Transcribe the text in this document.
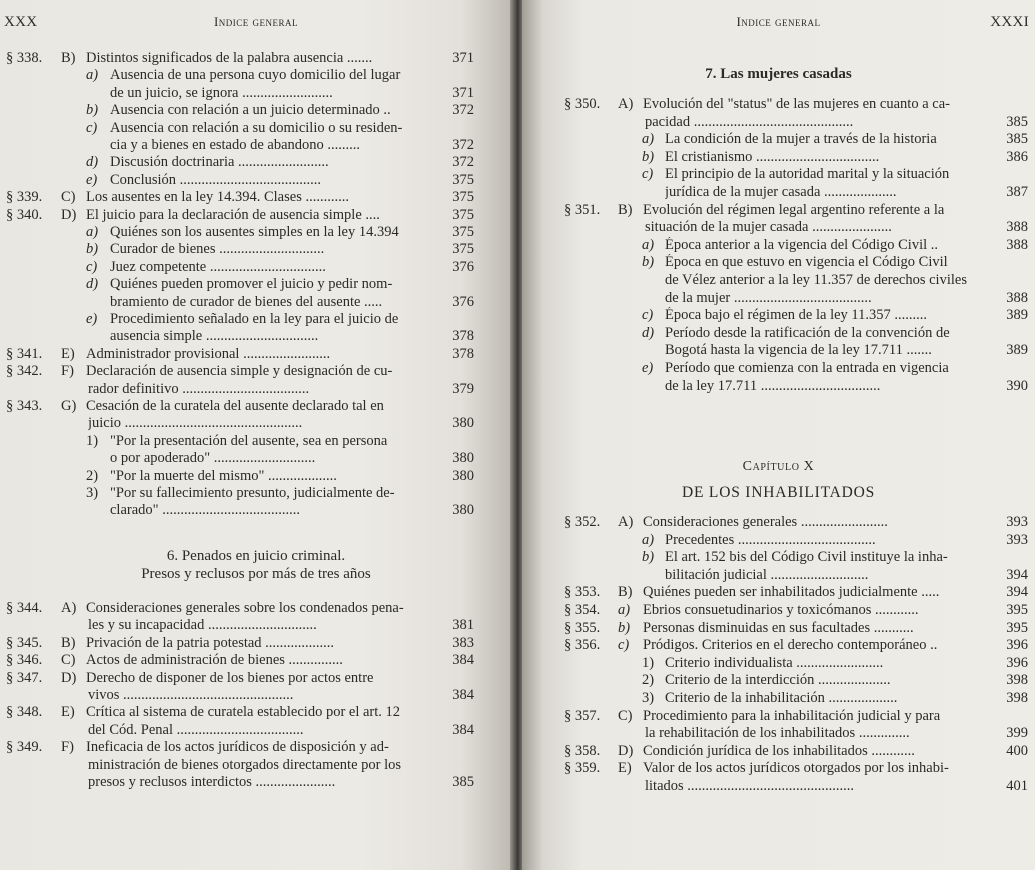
XXX	Indice general
§ 338. B) Distintos significados de la palabra ausencia .......	371
a) Ausencia de una persona cuyo domicilio del lugar
de un juicio, se ignora .........................	371
b) Ausencia con relación a un juicio determinado ..	372
c) Ausencia con relación a su domicilio o su residen-
cia y a bienes en estado de abandono .........	372
d) Discusión doctrinaria .........................	372
e) Conclusión .......................................	375
§ 339. C) Los ausentes en la ley 14.394. Clases ............	375
§ 340. D) El juicio para la declaración de ausencia simple ....	375
a) Quiénes son los ausentes simples en la ley 14.394	375
b) Curador de bienes .............................	375
c) Juez competente ................................	376
d) Quiénes pueden promover el juicio y pedir nom-
bramiento de curador de bienes del ausente .....	376
e) Procedimiento señalado en la ley para el juicio de
ausencia simple ...............................	378
§ 341. E) Administrador provisional ........................	378
§ 342. F) Declaración de ausencia simple y designación de cu-
rador definitivo ...................................	379
§ 343. G) Cesación de la curatela del ausente declarado tal en
juicio .................................................	380
1) "Por la presentación del ausente, sea en persona
o por apoderado" ............................	380
2) "Por la muerte del mismo" ...................	380
3) "Por su fallecimiento presunto, judicialmente de-
clarado" ......................................	380
6. Penados en juicio criminal.
Presos y reclusos por más de tres años
§ 344. A) Consideraciones generales sobre los condenados pena-
les y su incapacidad ..............................	381
§ 345. B) Privación de la patria potestad ...................	383
§ 346. C) Actos de administración de bienes ...............	384
§ 347. D) Derecho de disponer de los bienes por actos entre
vivos ...............................................	384
§ 348. E) Crítica al sistema de curatela establecido por el art. 12
del Cód. Penal ...................................	384
§ 349. F) Ineficacia de los actos jurídicos de disposición y ad-
ministración de bienes otorgados directamente por los
presos y reclusos interdictos ......................	385
Indice general	XXXI
7. Las mujeres casadas
§ 350. A) Evolución del "status" de las mujeres en cuanto a ca-
pacidad ............................................	385
a) La condición de la mujer a través de la historia	385
b) El cristianismo ..................................	386
c) El principio de la autoridad marital y la situación
jurídica de la mujer casada ....................	387
§ 351. B) Evolución del régimen legal argentino referente a la
situación de la mujer casada ......................	388
a) Época anterior a la vigencia del Código Civil ..	388
b) Época en que estuvo en vigencia el Código Civil
de Vélez anterior a la ley 11.357 de derechos civiles
de la mujer ......................................	388
c) Época bajo el régimen de la ley 11.357 .........	389
d) Período desde la ratificación de la convención de
Bogotá hasta la vigencia de la ley 17.711 .......	389
e) Período que comienza con la entrada en vigencia
de la ley 17.711 .................................	390
Capítulo X
DE LOS INHABILITADOS
§ 352. A) Consideraciones generales ........................	393
a) Precedentes ......................................	393
b) El art. 152 bis del Código Civil instituye la inha-
bilitación judicial ...........................	394
§ 353. B) Quiénes pueden ser inhabilitados judicialmente .....	394
§ 354. a) Ebrios consuetudinarios y toxicómanos ............	395
§ 355. b) Personas disminuidas en sus facultades ...........	395
§ 356. c) Pródigos. Criterios en el derecho contemporáneo ..	396
1) Criterio individualista ........................	396
2) Criterio de la interdicción ....................	398
3) Criterio de la inhabilitación ...................	398
§ 357. C) Procedimiento para la inhabilitación judicial y para
la rehabilitación de los inhabilitados ..............	399
§ 358. D) Condición jurídica de los inhabilitados ............	400
§ 359. E) Valor de los actos jurídicos otorgados por los inhabi-
litados ..............................................	401
